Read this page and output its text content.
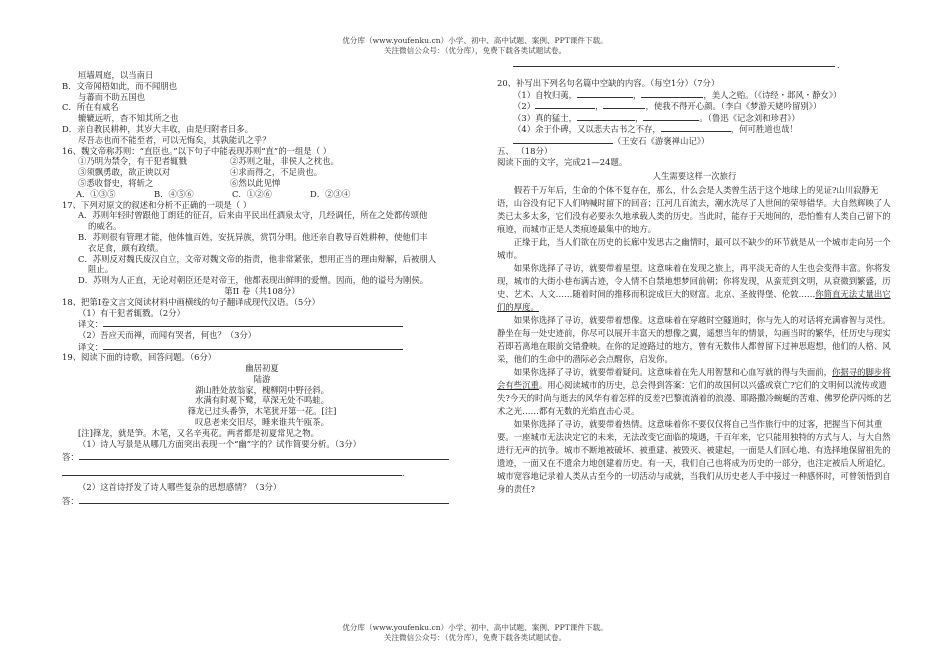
优分库（www.youfenku.cn）小学、初中、高中试题、案例、PPT课件下载。
关注微信公众号：（优分库），免费下载各类试题试卷。

垣墙周庭，以当南日

B．文帝闻梧如此，而不闻朋也

与蕃而不助五国也

C．所在有威名

辘辘远听，杳不知其所之也

D．亲自教民耕种，其岁大丰收，由是归附者日多。

尽吾志也而不能至者，可以无悔矣，其孰能讥之乎？

16、魏文帝称苏则：“直臣也。”以下句子中能表现苏则“直”的一组是（ ）

①乃明为禁令，有干犯者辄戮	②苏则之耻，非侯人之枕也。

③须飘勇敢，欲正谀以对	④求而得之，不足贵也。

⑤悉收督史，将斩之	⑥然以此见惮

A．①③⑤	B．④⑤⑥	C．①②⑥	D．②③④

17、下列对原文的叙述和分析不正确的一项是（ ）

A．苏则年轻时曾跟他丁朗廷的征召，后来由平民出任酒泉太守，几经调任，所在之处都传颂他

的威名。

B．苏则很有管理才能，他体恤百姓，安抚异族，赏罚分明。他还亲自教导百姓耕种，使他们丰

衣足食，颇有政绩。

C．苏则反对魏氏废汉自立，文帝对魏文帝的指责，他非常紧张，想用正当的理由辩解，后被朋人

阻止。

D．苏则为人正直，无论对朝臣还是对帝王，他都表现出鲜明的爱憎。因而，他的谥号为刚侯。

第II 卷（共108分）

18、把第Ⅰ卷文言文阅读材料中画横线的句子翻译成现代汉语。（5分）

（1）有干犯者辄戮。（2分）

译文：

（2）吾应天而禅，而闻有哭者，何也？（3分）

译文：

19、阅读下面的诗歌，回答问题。（6分）

幽居初夏

陆游

湖山胜处放翁家，槐柳阴中野径斜。

水满有时观下鹭，草深无处不鸣蛙。

箨龙已过头番笋，木笔犹开第一花。[注]

叹息老来交旧尽，睡来谁共午瓯茶。

[注]箨龙，就是笋。木笔，又名辛夷花。两者都是初夏常见之物。

（1）诗人写景是从哪几方面突出表现一个“幽”字的？试作简要分析。（3分）

答：

.

（2）这首诗抒发了诗人哪些复杂的思想感情？（3分）

答：

.

20、补写出下列名句名篇中空缺的内容。（每空1分）（7分）

（1）自牧归荑，	，	，美人之贻。（《诗经・邶风・静女》）

（2）	，	，使我不得开心颜。（李白《梦游天姥吟留别》）

（3）真的猛士，	，	。（鲁迅《记念刘和珍君》）

（4）余于仆碑，又以悲夫古书之不存，	，何可胜道也哉！

（王安石《游褒禅山记》）

五、 （18分）

阅读下面的文字，完成21—24题。

人生需要这样一次旅行

假若千万年后，生命的个体不复存在，那么，什么会是人类曾生活于这个地球上的见证?山川寂静无语，山谷没有记下人们呐喊时留下的回音；江河几百流去，潮水洗尽了人世间的荣辱错华。大自然辉映了人类已太多太多，它们没有必要永久地承载人类的历史。当此时，能存于天地间的，恐怕惟有人类自己留下的痕迹，而城市正是人类痕迹最集中的地方。

正缘于此，当人们欲在历史的长廊中发思古之幽情时，最可以不缺少的环节就是从一个城市走向另一个城市。

如果你选择了寻访，就要带着星望。这意味着在发现之旅上，再平淡无奇的人生也会变得丰富。你将发现，城市的大街小巷布满古迹，令人情不自禁地想梦回前朝；你将发现，从蛮荒到文明，从衰微到繁盛，历史、艺术、人文……随着时间的推移而积淀成巨大的财富。北京、圣彼得堡、伦敦……你简直无法丈量出它们的厚度。

如果你选择了寻访，就要带着想像。这意味着在穿越时空隧道时，你与先人的对话将充满睿智与灵性。静坐在每一处史迹前，你尽可以展开丰富天的想像之翼，遥想当年的情景，勾画当时的繁华，任历史与现实若即若离地在眼前交错叠映。在你的足迹路过的地方，曾有无数伟人都曾留下过神思遐想，他们的人格、风采，他们的生命中的潜际必会点醒你，启发你。

如果你选择了寻访，就要带着疑问。这意味着在先人用智慧和心血写就的得与失面前，你据寻的脚步将会有些沉重。用心阅读城市的历史，总会得到答案：它们的故国何以兴盛或衰亡?它们的文明何以流传或遗失?今天的时尚与逝去的风华有着怎样的反差?巴黎流淌着的浪漫、耶路撒冷蜿蜒的苦难、佛罗伦萨闪烁的艺术之光……都有无数的光焰直击心灵。

如果你选择了寻访，就要带着热情。这意味着你不要仅仅将自己当作旅行中的过客，把握当下何其重要。一座城市无法决定它的未来，无法改变它面临的境遇，千百年来，它只能用独特的方式与人、与大自然进行无声的抗争。城市不断地被破坏、被重建、被毁灭、被建起，一面是人们回心地、有选择地保留祖先的遗迹，一面又在不遗余力地创建着历史。有一天，我们自己也将成为历史的一部分，也注定被后人所追忆。城市宽容地记录着人类从古至今的一切活动与成就，当我们从历史老人手中接过一种感怀时，可曾领悟到自身的责任?

优分库（www.youfenku.cn）小学、初中、高中试题、案例、PPT课件下载。
关注微信公众号：（优分库），免费下载各类试题试卷。
